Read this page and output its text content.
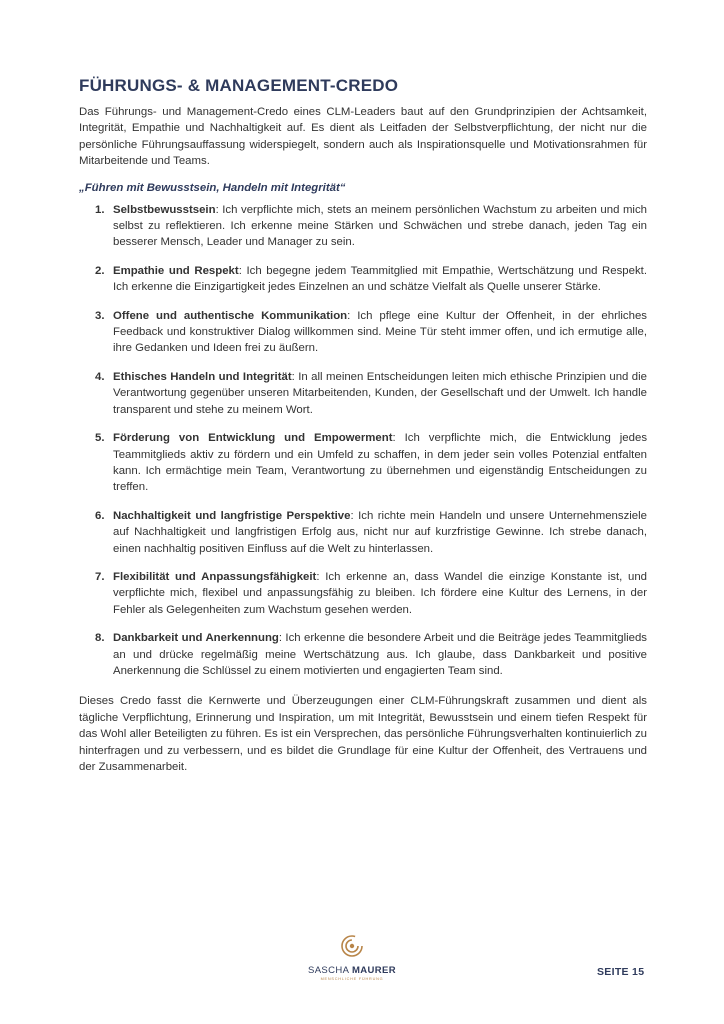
FÜHRUNGS- & MANAGEMENT-CREDO

Das Führungs- und Management-Credo eines CLM-Leaders baut auf den Grundprinzipien der Achtsamkeit, Integrität, Empathie und Nachhaltigkeit auf. Es dient als Leitfaden der Selbstverpflichtung, der nicht nur die persönliche Führungsauffassung widerspiegelt, sondern auch als Inspirationsquelle und Motivationsrahmen für Mitarbeitende und Teams.

„Führen mit Bewusstsein, Handeln mit Integrität“

1. Selbstbewusstsein: Ich verpflichte mich, stets an meinem persönlichen Wachstum zu arbeiten und mich selbst zu reflektieren. Ich erkenne meine Stärken und Schwächen und strebe danach, jeden Tag ein besserer Mensch, Leader und Manager zu sein.
2. Empathie und Respekt: Ich begegne jedem Teammitglied mit Empathie, Wertschätzung und Respekt. Ich erkenne die Einzigartigkeit jedes Einzelnen an und schätze Vielfalt als Quelle unserer Stärke.
3. Offene und authentische Kommunikation: Ich pflege eine Kultur der Offenheit, in der ehrliches Feedback und konstruktiver Dialog willkommen sind. Meine Tür steht immer offen, und ich ermutige alle, ihre Gedanken und Ideen frei zu äußern.
4. Ethisches Handeln und Integrität: In all meinen Entscheidungen leiten mich ethische Prinzipien und die Verantwortung gegenüber unseren Mitarbeitenden, Kunden, der Gesellschaft und der Umwelt. Ich handle transparent und stehe zu meinem Wort.
5. Förderung von Entwicklung und Empowerment: Ich verpflichte mich, die Entwicklung jedes Teammitglieds aktiv zu fördern und ein Umfeld zu schaffen, in dem jeder sein volles Potenzial entfalten kann. Ich ermächtige mein Team, Verantwortung zu übernehmen und eigenständig Entscheidungen zu treffen.
6. Nachhaltigkeit und langfristige Perspektive: Ich richte mein Handeln und unsere Unternehmensziele auf Nachhaltigkeit und langfristigen Erfolg aus, nicht nur auf kurzfristige Gewinne. Ich strebe danach, einen nachhaltig positiven Einfluss auf die Welt zu hinterlassen.
7. Flexibilität und Anpassungsfähigkeit: Ich erkenne an, dass Wandel die einzige Konstante ist, und verpflichte mich, flexibel und anpassungsfähig zu bleiben. Ich fördere eine Kultur des Lernens, in der Fehler als Gelegenheiten zum Wachstum gesehen werden.
8. Dankbarkeit und Anerkennung: Ich erkenne die besondere Arbeit und die Beiträge jedes Teammitglieds an und drücke regelmäßig meine Wertschätzung aus. Ich glaube, dass Dankbarkeit und positive Anerkennung die Schlüssel zu einem motivierten und engagierten Team sind.

Dieses Credo fasst die Kernwerte und Überzeugungen einer CLM-Führungskraft zusammen und dient als tägliche Verpflichtung, Erinnerung und Inspiration, um mit Integrität, Bewusstsein und einem tiefen Respekt für das Wohl aller Beteiligten zu führen. Es ist ein Versprechen, das persönliche Führungsverhalten kontinuierlich zu hinterfragen und zu verbessern, und es bildet die Grundlage für eine Kultur der Offenheit, des Vertrauens und der Zusammenarbeit.

SASCHA MAURER
MENSCHLICHE FÜHRUNG
SEITE 15
